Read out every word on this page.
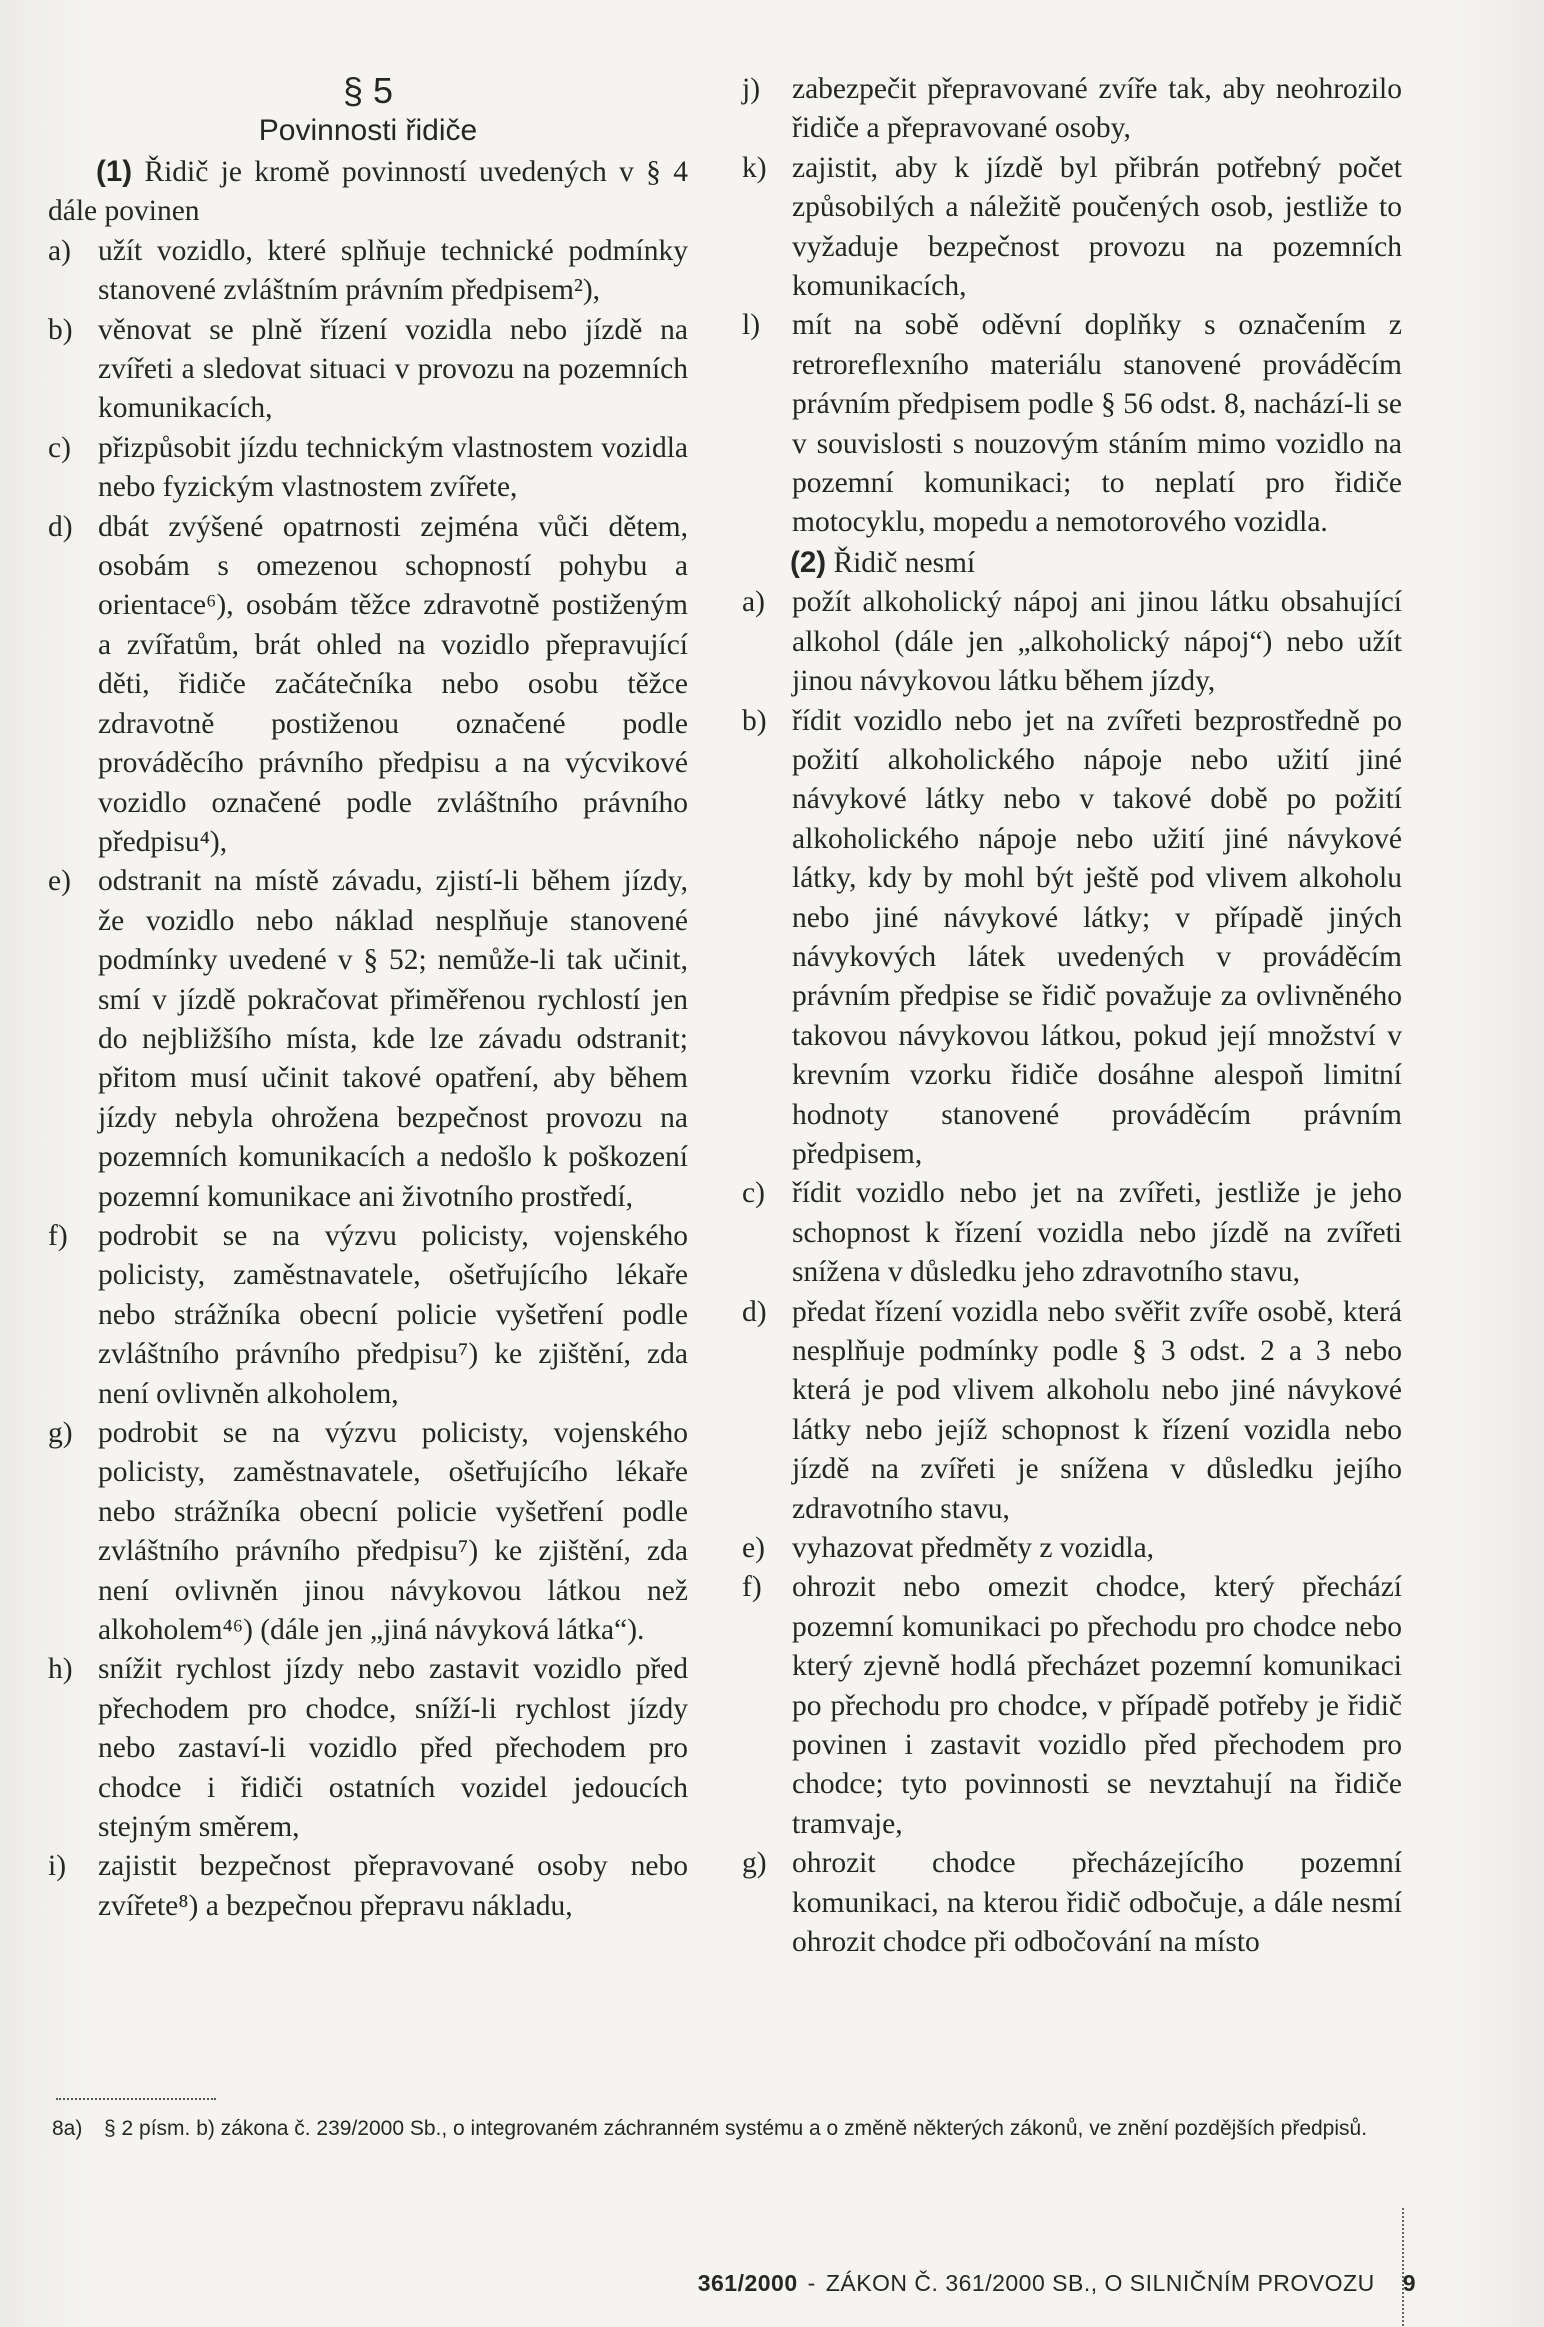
§ 5
Povinnosti řidiče

(1) Řidič je kromě povinností uvedených v § 4 dále povinen

a) užít vozidlo, které splňuje technické podmínky stanovené zvláštním právním předpisem²),
b) věnovat se plně řízení vozidla nebo jízdě na zvířeti a sledovat situaci v provozu na pozemních komunikacích,
c) přizpůsobit jízdu technickým vlastnostem vozidla nebo fyzickým vlastnostem zvířete,
d) dbát zvýšené opatrnosti zejména vůči dětem, osobám s omezenou schopností pohybu a orientace⁶), osobám těžce zdravotně postiženým a zvířatům, brát ohled na vozidlo přepravující děti, řidiče začátečníka nebo osobu těžce zdravotně postiženou označené podle prováděcího právního předpisu a na výcvikové vozidlo označené podle zvláštního právního předpisu⁴),
e) odstranit na místě závadu, zjistí-li během jízdy, že vozidlo nebo náklad nesplňuje stanovené podmínky uvedené v § 52; nemůže-li tak učinit, smí v jízdě pokračovat přiměřenou rychlostí jen do nejbližšího místa, kde lze závadu odstranit; přitom musí učinit takové opatření, aby během jízdy nebyla ohrožena bezpečnost provozu na pozemních komunikacích a nedošlo k poškození pozemní komunikace ani životního prostředí,
f)	podrobit se na výzvu policisty, vojenského policisty, zaměstnavatele, ošetřujícího lékaře nebo strážníka obecní policie vyšetření podle zvláštního právního předpisu⁷) ke zjištění, zda není ovlivněn alkoholem,
g) podrobit se na výzvu policisty, vojenského policisty, zaměstnavatele, ošetřujícího lékaře nebo strážníka obecní policie vyšetření podle zvláštního právního předpisu⁷) ke zjištění, zda není ovlivněn jinou návykovou látkou než alkoholem⁴⁶) (dále jen „jiná návyková látka“).
h) snížit rychlost jízdy nebo zastavit vozidlo před přechodem pro chodce, sníží-li rychlost jízdy nebo zastaví-li vozidlo před přechodem pro chodce i řidiči ostatních vozidel jedoucích stejným směrem,
i)	zajistit bezpečnost přepravované osoby nebo zvířete⁸) a bezpečnou přepravu nákladu,
j)	zabezpečit přepravované zvíře tak, aby neohrozilo řidiče a přepravované osoby,
k) zajistit, aby k jízdě byl přibrán potřebný počet způsobilých a náležitě poučených osob, jestliže to vyžaduje bezpečnost provozu na pozemních komunikacích,
l)	mít na sobě oděvní doplňky s označením z retroreflexního materiálu stanovené prováděcím právním předpisem podle § 56 odst. 8, nachází-li se v souvislosti s nouzovým stáním mimo vozidlo na pozemní komunikaci; to neplatí pro řidiče motocyklu, mopedu a nemotorového vozidla.

(2) Řidič nesmí

a) požít alkoholický nápoj ani jinou látku obsahující alkohol (dále jen „alkoholický nápoj“) nebo užít jinou návykovou látku během jízdy,
b) řídit vozidlo nebo jet na zvířeti bezprostředně po požití alkoholického nápoje nebo užití jiné návykové látky nebo v takové době po požití alkoholického nápoje nebo užití jiné návykové látky, kdy by mohl být ještě pod vlivem alkoholu nebo jiné návykové látky; v případě jiných návykových látek uvedených v prováděcím právním předpise se řidič považuje za ovlivněného takovou návykovou látkou, pokud její množství v krevním vzorku řidiče dosáhne alespoň limitní hodnoty stanovené prováděcím právním předpisem,
c) řídit vozidlo nebo jet na zvířeti, jestliže je jeho schopnost k řízení vozidla nebo jízdě na zvířeti snížena v důsledku jeho zdravotního stavu,
d) předat řízení vozidla nebo svěřit zvíře osobě, která nesplňuje podmínky podle § 3 odst. 2 a 3 nebo která je pod vlivem alkoholu nebo jiné návykové látky nebo jejíž schopnost k řízení vozidla nebo jízdě na zvířeti je snížena v důsledku jejího zdravotního stavu,
e) vyhazovat předměty z vozidla,
f)	ohrozit nebo omezit chodce, který přechází pozemní komunikaci po přechodu pro chodce nebo který zjevně hodlá přecházet pozemní komunikaci po přechodu pro chodce, v případě potřeby je řidič povinen i zastavit vozidlo před přechodem pro chodce; tyto povinnosti se nevztahují na řidiče tramvaje,
g) ohrozit chodce přecházejícího pozemní komunikaci, na kterou řidič odbočuje, a dále nesmí ohrozit chodce při odbočování na místo
8a)	§ 2 písm. b) zákona č. 239/2000 Sb., o integrovaném záchranném systému a o změně některých zákonů, ve znění pozdějších předpisů.
361/2000 - ZÁKON Č. 361/2000 SB., O SILNIČNÍM PROVOZU 9
